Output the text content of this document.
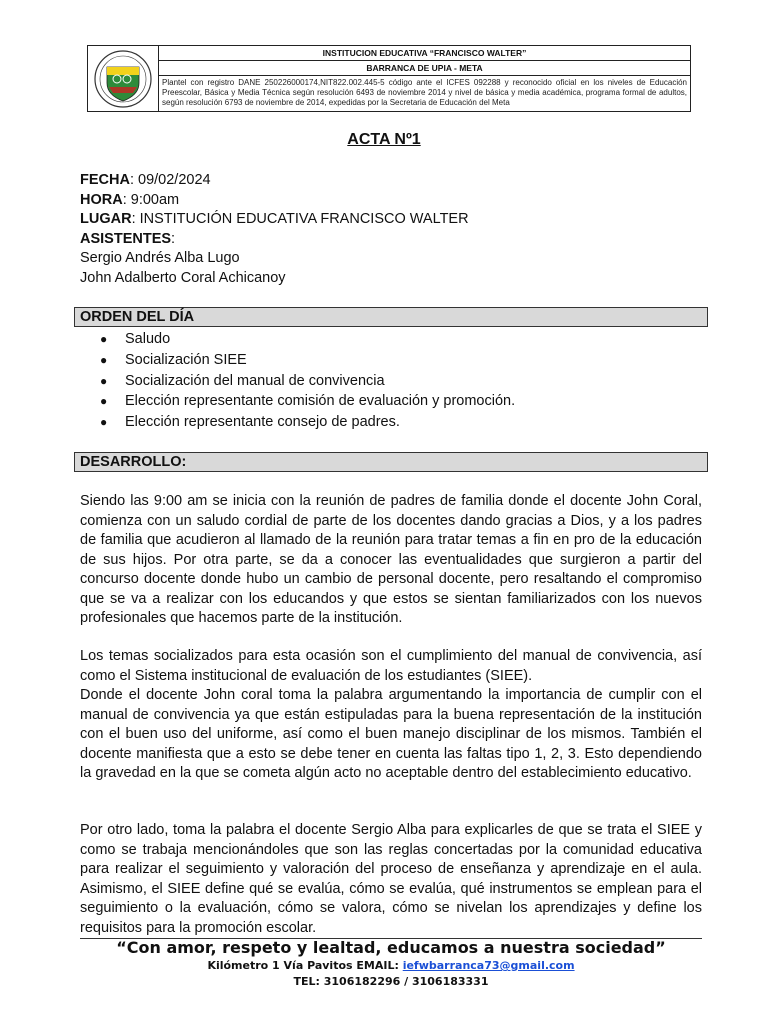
INSTITUCION EDUCATIVA “FRANCISCO WALTER”
BARRANCA DE UPIA - META
Plantel con registro DANE 250226000174,NIT822.002.445-5 código ante el ICFES 092288 y reconocido oficial en los niveles de Educación Preescolar, Básica y Media Técnica según resolución 6493 de noviembre 2014 y nivel de básica y media académica, programa formal de adultos, según resolución 6793 de noviembre de 2014, expedidas por la Secretaria de Educación del Meta
ACTA Nº1
FECHA: 09/02/2024
HORA: 9:00am
LUGAR: INSTITUCIÓN EDUCATIVA FRANCISCO WALTER
ASISTENTES:
Sergio Andrés Alba Lugo
John Adalberto Coral Achicanoy
ORDEN DEL DÍA
●	Saludo
●	Socialización SIEE
●	Socialización del manual de convivencia
●	Elección representante comisión de evaluación y promoción.
●	Elección representante consejo de padres.
DESARROLLO:

Siendo las 9:00 am se inicia con la reunión de padres de familia donde el docente John Coral, comienza con un saludo cordial de parte de los docentes dando gracias a Dios, y a los padres de familia que acudieron al llamado de la reunión para tratar temas a fin en pro de la educación de sus hijos. Por otra parte, se da a conocer las eventualidades que surgieron a partir del concurso docente donde hubo un cambio de personal docente, pero resaltando el compromiso que se va a realizar con los educandos y que estos se sientan familiarizados con los nuevos profesionales que hacemos parte de la institución.

Los temas socializados para esta ocasión son el cumplimiento del manual de convivencia, así como el Sistema institucional de evaluación de los estudiantes (SIEE).

Donde el docente John coral toma la palabra argumentando la importancia de cumplir con el manual de convivencia ya que están estipuladas para la buena representación de la institución con el buen uso del uniforme, así como el buen manejo disciplinar de los mismos. También el docente manifiesta que a esto se debe tener en cuenta las faltas tipo 1, 2, 3. Esto dependiendo la gravedad en la que se cometa algún acto no aceptable dentro del establecimiento educativo.

Por otro lado, toma la palabra el docente Sergio Alba para explicarles de que se trata el SIEE y como se trabaja mencionándoles que son las reglas concertadas por la comunidad educativa para realizar el seguimiento y valoración del proceso de enseñanza y aprendizaje en el aula. Asimismo, el SIEE define qué se evalúa, cómo se evalúa, qué instrumentos se emplean para el seguimiento o la evaluación, cómo se valora, cómo se nivelan los aprendizajes y define los requisitos para la promoción escolar.

“Con amor, respeto y lealtad, educamos a nuestra sociedad”
Kilómetro 1 Vía Pavitos EMAIL: iefwbarranca73@gmail.com
TEL: 3106182296 / 3106183331
